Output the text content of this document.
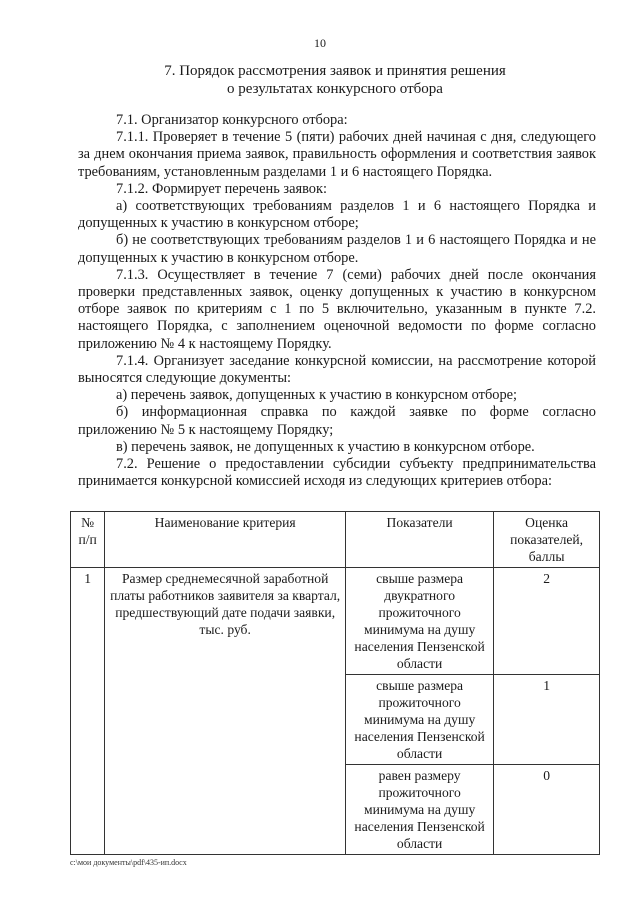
10
7. Порядок рассмотрения заявок и принятия решения
о результатах конкурсного отбора

7.1. Организатор конкурсного отбора:

7.1.1. Проверяет в течение 5 (пяти) рабочих дней начиная с дня, следующего за днем окончания приема заявок, правильность оформления и соответствия заявок требованиям, установленным разделами 1 и 6 настоящего Порядка.

7.1.2. Формирует перечень заявок:

а) соответствующих требованиям разделов 1 и 6 настоящего Порядка и допущенных к участию в конкурсном отборе;

б) не соответствующих требованиям разделов 1 и 6 настоящего Порядка и не допущенных к участию в конкурсном отборе.

7.1.3. Осуществляет в течение 7 (семи) рабочих дней после окончания проверки представленных заявок, оценку допущенных к участию в конкурсном отборе заявок по критериям с 1 по 5 включительно, указанным в пункте 7.2. настоящего Порядка, с заполнением оценочной ведомости по форме согласно приложению № 4 к настоящему Порядку.

7.1.4. Организует заседание конкурсной комиссии, на рассмотрение которой выносятся следующие документы:

а) перечень заявок, допущенных к участию в конкурсном отборе;

б) информационная справка по каждой заявке по форме согласно приложению № 5 к настоящему Порядку;

в) перечень заявок, не допущенных к участию в конкурсном отборе.

7.2. Решение о предоставлении субсидии субъекту предпринимательства принимается конкурсной комиссией исходя из следующих критериев отбора:

№ п/п	Наименование критерия	Показатели	Оценка показателей, баллы
1	Размер среднемесячной заработной платы работников заявителя за квартал, предшествующий дате подачи заявки, тыс. руб.	свыше размера двукратного прожиточного минимума на душу населения Пензенской области	2
		свыше размера прожиточного минимума на душу населения Пензенской области	1
		равен размеру прожиточного минимума на душу населения Пензенской области	0
c:\мои документы\pdf\435-ип.docx
